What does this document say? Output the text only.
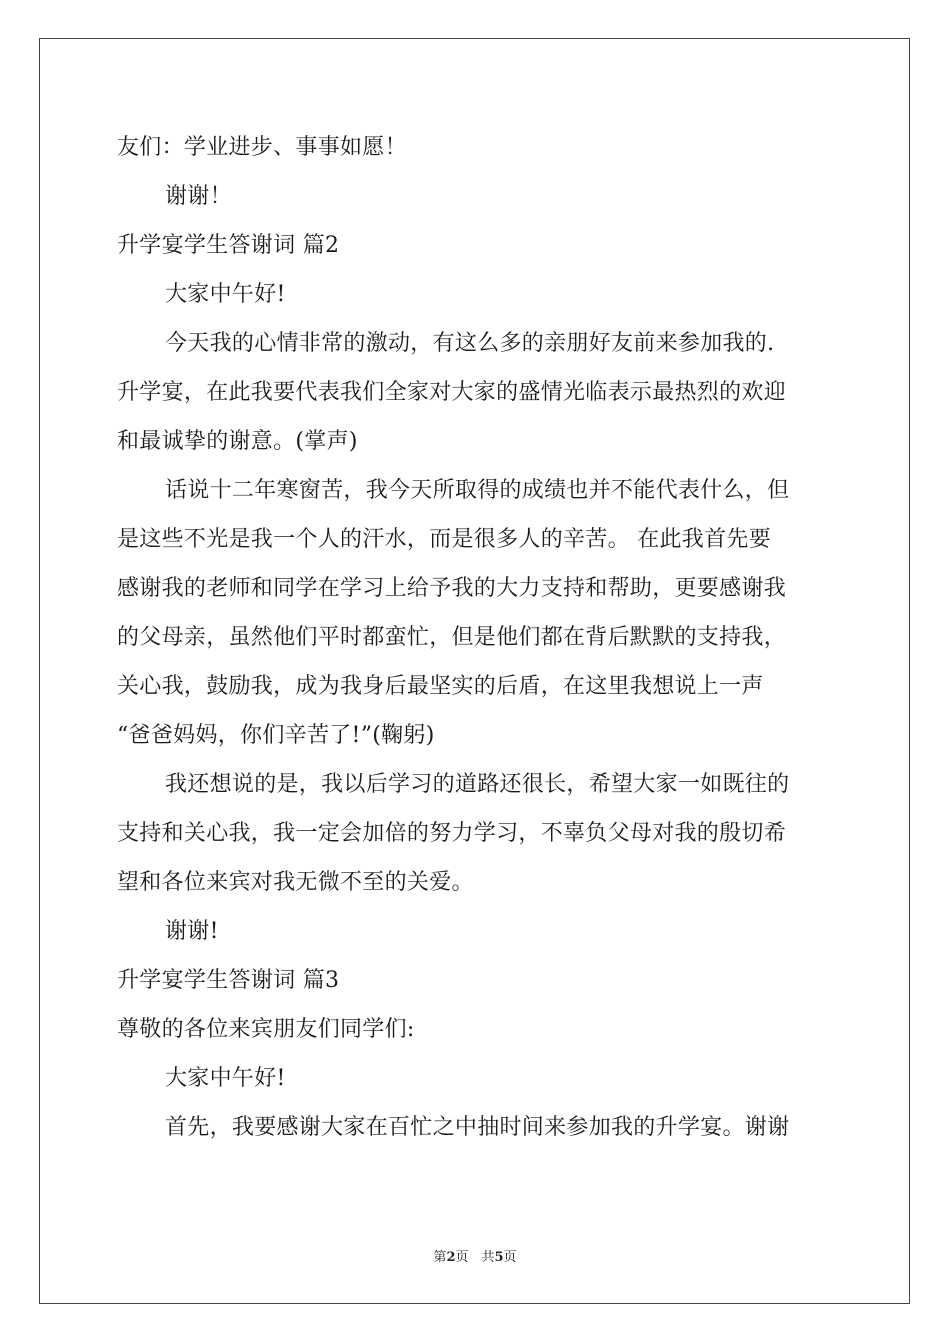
友们：学业进步、事事如愿！
谢谢！
升学宴学生答谢词 篇2
大家中午好!
今天我的心情非常的激动，有这么多的亲朋好友前来参加我的.
升学宴，在此我要代表我们全家对大家的盛情光临表示最热烈的欢迎
和最诚挚的谢意。(掌声)
话说十二年寒窗苦，我今天所取得的成绩也并不能代表什么，但
是这些不光是我一个人的汗水，而是很多人的辛苦。 在此我首先要
感谢我的老师和同学在学习上给予我的大力支持和帮助，更要感谢我
的父母亲，虽然他们平时都蛮忙，但是他们都在背后默默的支持我，
关心我，鼓励我，成为我身后最坚实的后盾，在这里我想说上一声
“爸爸妈妈，你们辛苦了!”(鞠躬)
我还想说的是，我以后学习的道路还很长，希望大家一如既往的
支持和关心我，我一定会加倍的努力学习，不辜负父母对我的殷切希
望和各位来宾对我无微不至的关爱。
谢谢!
升学宴学生答谢词 篇3
尊敬的各位来宾朋友们同学们:
大家中午好!
首先，我要感谢大家在百忙之中抽时间来参加我的升学宴。谢谢
第2页　共5页
